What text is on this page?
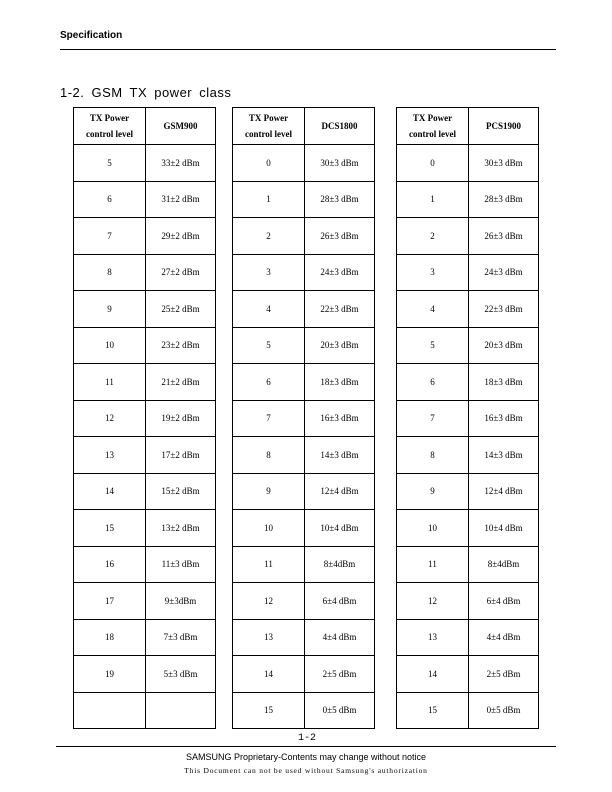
Specification
1-2. GSM TX power class
TX Power
control level	GSM900
5	33±2 dBm
6	31±2 dBm
7	29±2 dBm
8	27±2 dBm
9	25±2 dBm
10	23±2 dBm
11	21±2 dBm
12	19±2 dBm
13	17±2 dBm
14	15±2 dBm
15	13±2 dBm
16	11±3 dBm
17	9±3dBm
18	7±3 dBm
19	5±3 dBm

TX Power
control level	DCS1800
0	30±3 dBm
1	28±3 dBm
2	26±3 dBm
3	24±3 dBm
4	22±3 dBm
5	20±3 dBm
6	18±3 dBm
7	16±3 dBm
8	14±3 dBm
9	12±4 dBm
10	10±4 dBm
11	8±4dBm
12	6±4 dBm
13	4±4 dBm
14	2±5 dBm
15	0±5 dBm
TX Power
control level	PCS1900
0	30±3 dBm
1	28±3 dBm
2	26±3 dBm
3	24±3 dBm
4	22±3 dBm
5	20±3 dBm
6	18±3 dBm
7	16±3 dBm
8	14±3 dBm
9	12±4 dBm
10	10±4 dBm
11	8±4dBm
12	6±4 dBm
13	4±4 dBm
14	2±5 dBm
15	0±5 dBm
1-2
SAMSUNG Proprietary-Contents may change without notice
This Document can not be used without Samsung's authorization
